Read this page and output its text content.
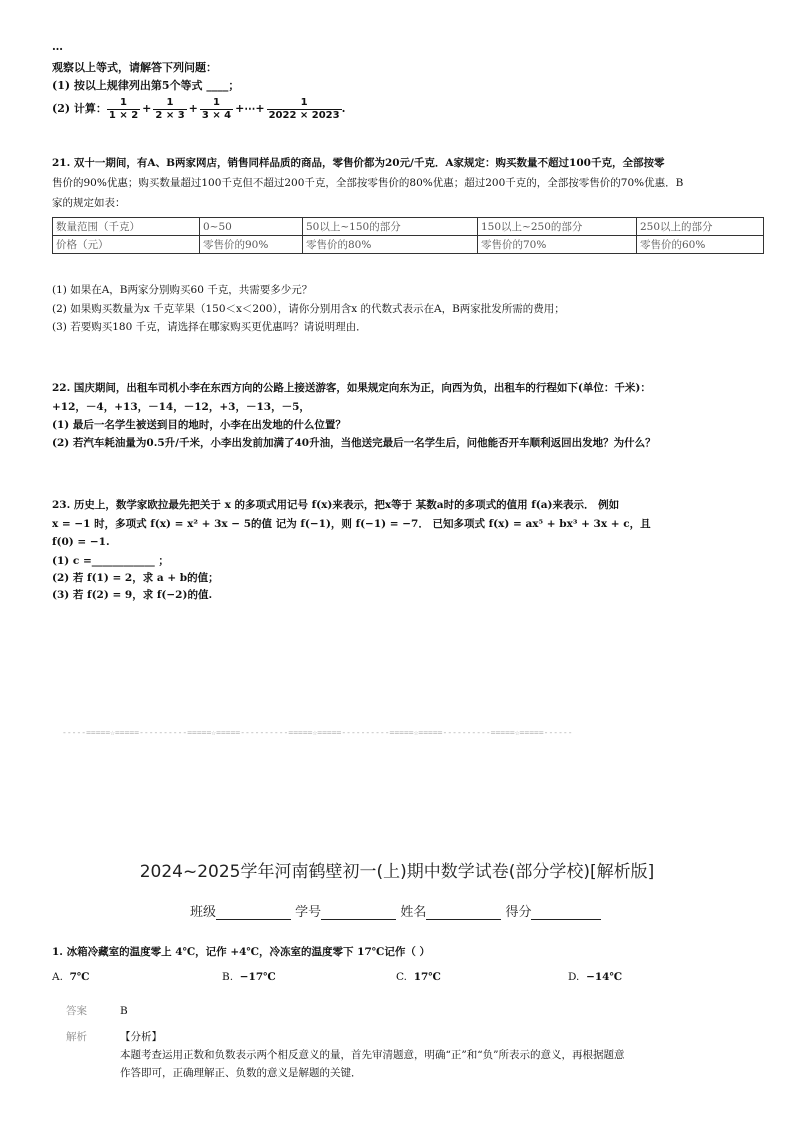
…
观察以上等式，请解答下列问题：
(1) 按以上规律列出第5个等式 ____；
(2) 计算： $\frac{1}{1 \times 2} + \frac{1}{2 \times 3} + \frac{1}{3 \times 4}$ +⋯+ $\frac{1}{2022 \times 2023}$ .
21. 双十一期间，有A、B两家网店，销售同样品质的商品，零售价都为20元/千克．A家规定：购买数量不超过100千克，全部按零
售价的90%优惠；购买数量超过100千克但不超过200千克，全部按零售价的80%优惠；超过200千克的，全部按零售价的70%优惠．B
家的规定如表：
数量范围（千克）	0~50	50以上~150的部分	150以上~250的部分	250以上的部分
价格（元）	零售价的90%	零售价的80%	零售价的70%	零售价的60%
(1) 如果在A，B两家分别购买60 千克，共需要多少元？
(2) 如果购买数量为x 千克苹果（150＜x＜200），请你分别用含x 的代数式表示在A，B两家批发所需的费用；
(3) 若要购买180 千克，请选择在哪家购买更优惠吗？请说明理由．
22. 国庆期间，出租车司机小李在东西方向的公路上接送游客，如果规定向东为正，向西为负，出租车的行程如下(单位：千米)：
+12，－4，+13，－14，－12，+3，－13，－5，
(1) 最后一名学生被送到目的地时，小李在出发地的什么位置？
(2) 若汽车耗油量为0.5升/千米，小李出发前加满了40升油，当他送完最后一名学生后，问他能否开车顺利返回出发地？为什么？
23. 历史上，数学家欧拉最先把关于 x 的多项式用记号 f(x)来表示，把x等于 某数a时的多项式的值用 f(a)来表示． 例如
x = −1 时，多项式 f(x) = x² + 3x − 5的值 记为 f(−1)，则 f(−1) = −7． 已知多项式 f(x) = ax⁵ + bx³ + 3x + c，且
f(0) = −1.
(1) c =____________ ；
(2) 若 f(1) = 2，求 a + b的值；
(3) 若 f(2) = 9，求 f(−2)的值.
-----=====☆=====----------=====☆=====----------=====☆=====----------=====☆=====----------=====☆=====------
2024~2025学年河南鹤壁初一(上)期中数学试卷(部分学校)[解析版]
班级	学号	姓名	得分
1. 冰箱冷藏室的温度零上 4℃，记作 +4℃，冷冻室的温度零下 17℃记作（ ）
A. 7℃	B. −17℃	C. 17℃	D. −14℃
答案	B
解析	【分析】
本题考查运用正数和负数表示两个相反意义的量，首先审清题意，明确“正”和“负”所表示的意义，再根据题意
作答即可，正确理解正、负数的意义是解题的关键．
